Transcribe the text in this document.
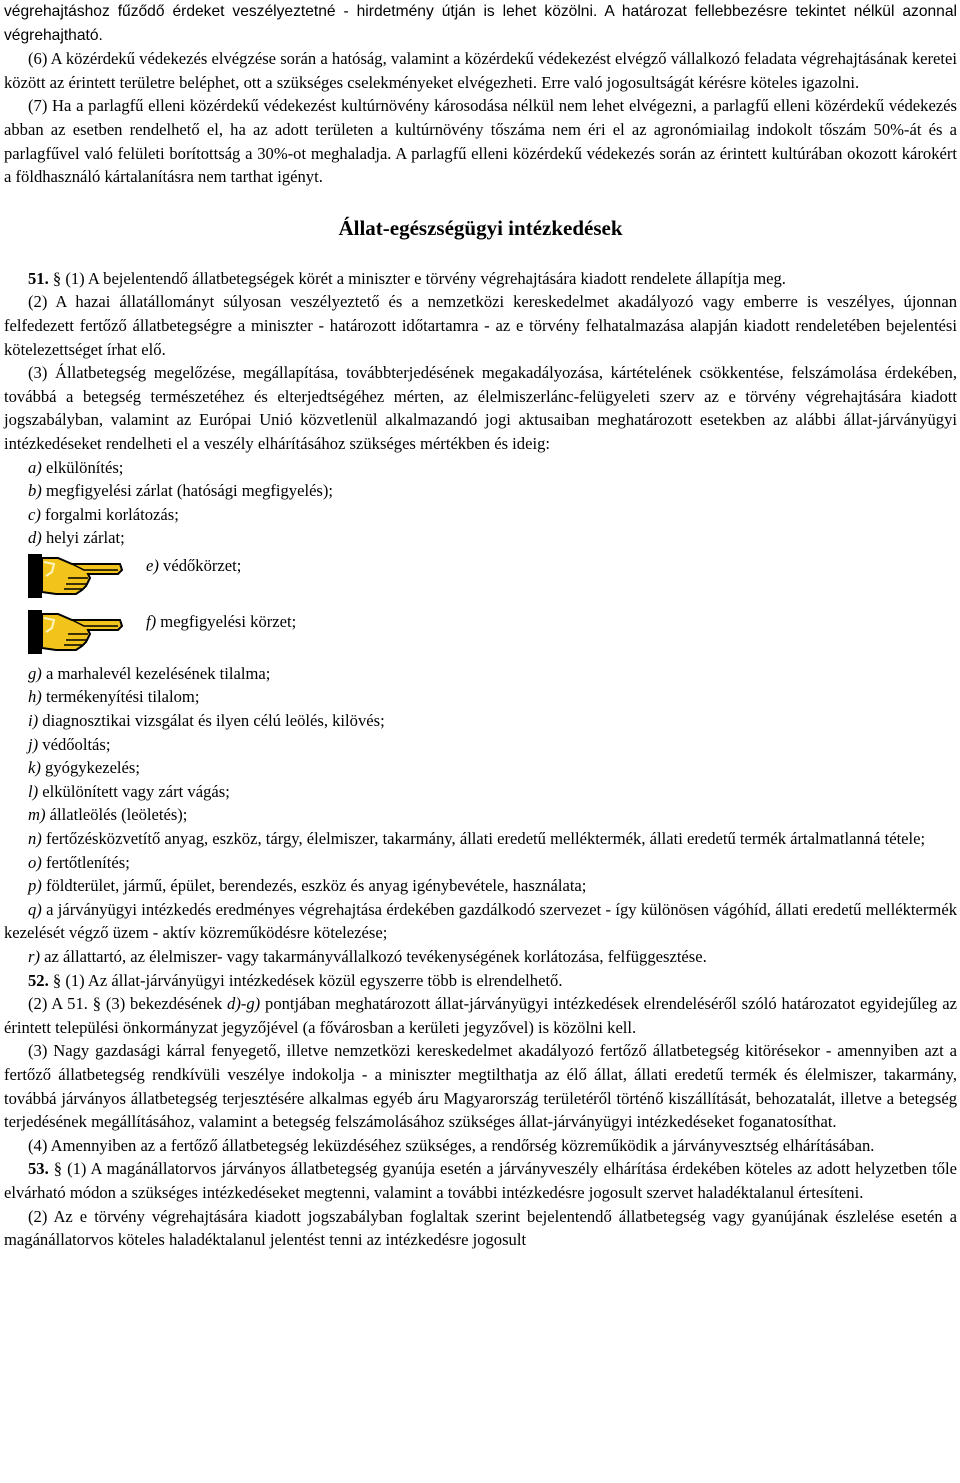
végrehajtáshoz fűződő érdeket veszélyeztetné - hirdetmény útján is lehet közölni. A határozat fellebbezésre tekintet nélkül azonnal végrehajtható.

(6) A közérdekű védekezés elvégzése során a hatóság, valamint a közérdekű védekezést elvégző vállalkozó feladata végrehajtásának keretei között az érintett területre beléphet, ott a szükséges cselekményeket elvégezheti. Erre való jogosultságát kérésre köteles igazolni.

(7) Ha a parlagfű elleni közérdekű védekezést kultúrnövény károsodása nélkül nem lehet elvégezni, a parlagfű elleni közérdekű védekezés abban az esetben rendelhető el, ha az adott területen a kultúrnövény tőszáma nem éri el az agronómiailag indokolt tőszám 50%-át és a parlagfűvel való felületi borítottság a 30%-ot meghaladja. A parlagfű elleni közérdekű védekezés során az érintett kultúrában okozott károkért a földhasználó kártalanításra nem tarthat igényt.

Állat-egészségügyi intézkedések

51. § (1) A bejelentendő állatbetegségek körét a miniszter e törvény végrehajtására kiadott rendelete állapítja meg.

(2) A hazai állatállományt súlyosan veszélyeztető és a nemzetközi kereskedelmet akadályozó vagy emberre is veszélyes, újonnan felfedezett fertőző állatbetegségre a miniszter - határozott időtartamra - az e törvény felhatalmazása alapján kiadott rendeletében bejelentési kötelezettséget írhat elő.

(3) Állatbetegség megelőzése, megállapítása, továbbterjedésének megakadályozása, kártételének csökkentése, felszámolása érdekében, továbbá a betegség természetéhez és elterjedtségéhez mérten, az élelmiszerlánc-felügyeleti szerv az e törvény végrehajtására kiadott jogszabályban, valamint az Európai Unió közvetlenül alkalmazandó jogi aktusaiban meghatározott esetekben az alábbi állat-járványügyi intézkedéseket rendelheti el a veszély elhárításához szükséges mértékben és ideig:

a) elkülönítés;
b) megfigyelési zárlat (hatósági megfigyelés);
c) forgalmi korlátozás;
d) helyi zárlat;
e) védőkörzet;
f) megfigyelési körzet;
g) a marhalevél kezelésének tilalma;
h) termékenyítési tilalom;
i) diagnosztikai vizsgálat és ilyen célú leölés, kilövés;
j) védőoltás;
k) gyógykezelés;
l) elkülönített vagy zárt vágás;
m) állatleölés (leöletés);

n) fertőzésközvetítő anyag, eszköz, tárgy, élelmiszer, takarmány, állati eredetű melléktermék, állati eredetű termék ártalmatlanná tétele;

o) fertőtlenítés;
p) földterület, jármű, épület, berendezés, eszköz és anyag igénybevétele, használata;

q) a járványügyi intézkedés eredményes végrehajtása érdekében gazdálkodó szervezet - így különösen vágóhíd, állati eredetű melléktermék kezelését végző üzem - aktív közreműködésre kötelezése;

r) az állattartó, az élelmiszer- vagy takarmányvállalkozó tevékenységének korlátozása, felfüggesztése.

52. § (1) Az állat-járványügyi intézkedések közül egyszerre több is elrendelhető.

(2) A 51. § (3) bekezdésének d)-g) pontjában meghatározott állat-járványügyi intézkedések elrendeléséről szóló határozatot egyidejűleg az érintett települési önkormányzat jegyzőjével (a fővárosban a kerületi jegyzővel) is közölni kell.

(3) Nagy gazdasági kárral fenyegető, illetve nemzetközi kereskedelmet akadályozó fertőző állatbetegség kitörésekor - amennyiben azt a fertőző állatbetegség rendkívüli veszélye indokolja - a miniszter megtilthatja az élő állat, állati eredetű termék és élelmiszer, takarmány, továbbá járványos állatbetegség terjesztésére alkalmas egyéb áru Magyarország területéről történő kiszállítását, behozatalát, illetve a betegség terjedésének megállításához, valamint a betegség felszámolásához szükséges állat-járványügyi intézkedéseket foganatosíthat.

(4) Amennyiben az a fertőző állatbetegség leküzdéséhez szükséges, a rendőrség közreműködik a járványvesztség elhárításában.

53. § (1) A magánállatorvos járványos állatbetegség gyanúja esetén a járványveszély elhárítása érdekében köteles az adott helyzetben tőle elvárható módon a szükséges intézkedéseket megtenni, valamint a további intézkedésre jogosult szervet haladéktalanul értesíteni.

(2) Az e törvény végrehajtására kiadott jogszabályban foglaltak szerint bejelentendő állatbetegség vagy gyanújának észlelése esetén a magánállatorvos köteles haladéktalanul jelentést tenni az intézkedésre jogosult
